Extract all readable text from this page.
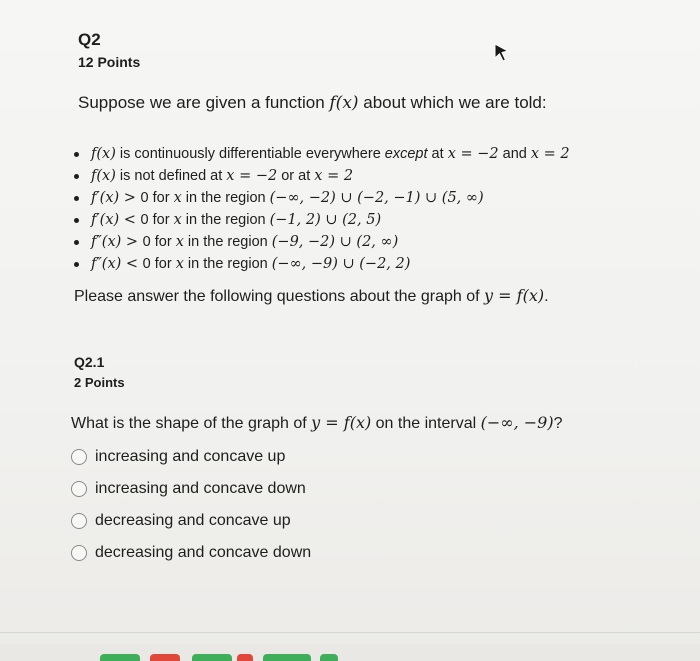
Q2
12 Points
Suppose we are given a function f(x) about which we are told:
f(x) is continuously differentiable everywhere except at x = −2 and x = 2
f(x) is not defined at x = −2 or at x = 2
f′(x) > 0 for x in the region (−∞, −2) ∪ (−2, −1) ∪ (5, ∞)
f′(x) < 0 for x in the region (−1, 2) ∪ (2, 5)
f″(x) > 0 for x in the region (−9, −2) ∪ (2, ∞)
f″(x) < 0 for x in the region (−∞, −9) ∪ (−2, 2)
Please answer the following questions about the graph of y = f(x).
Q2.1
2 Points
What is the shape of the graph of y = f(x) on the interval (−∞, −9)?
increasing and concave up
increasing and concave down
decreasing and concave up
decreasing and concave down
